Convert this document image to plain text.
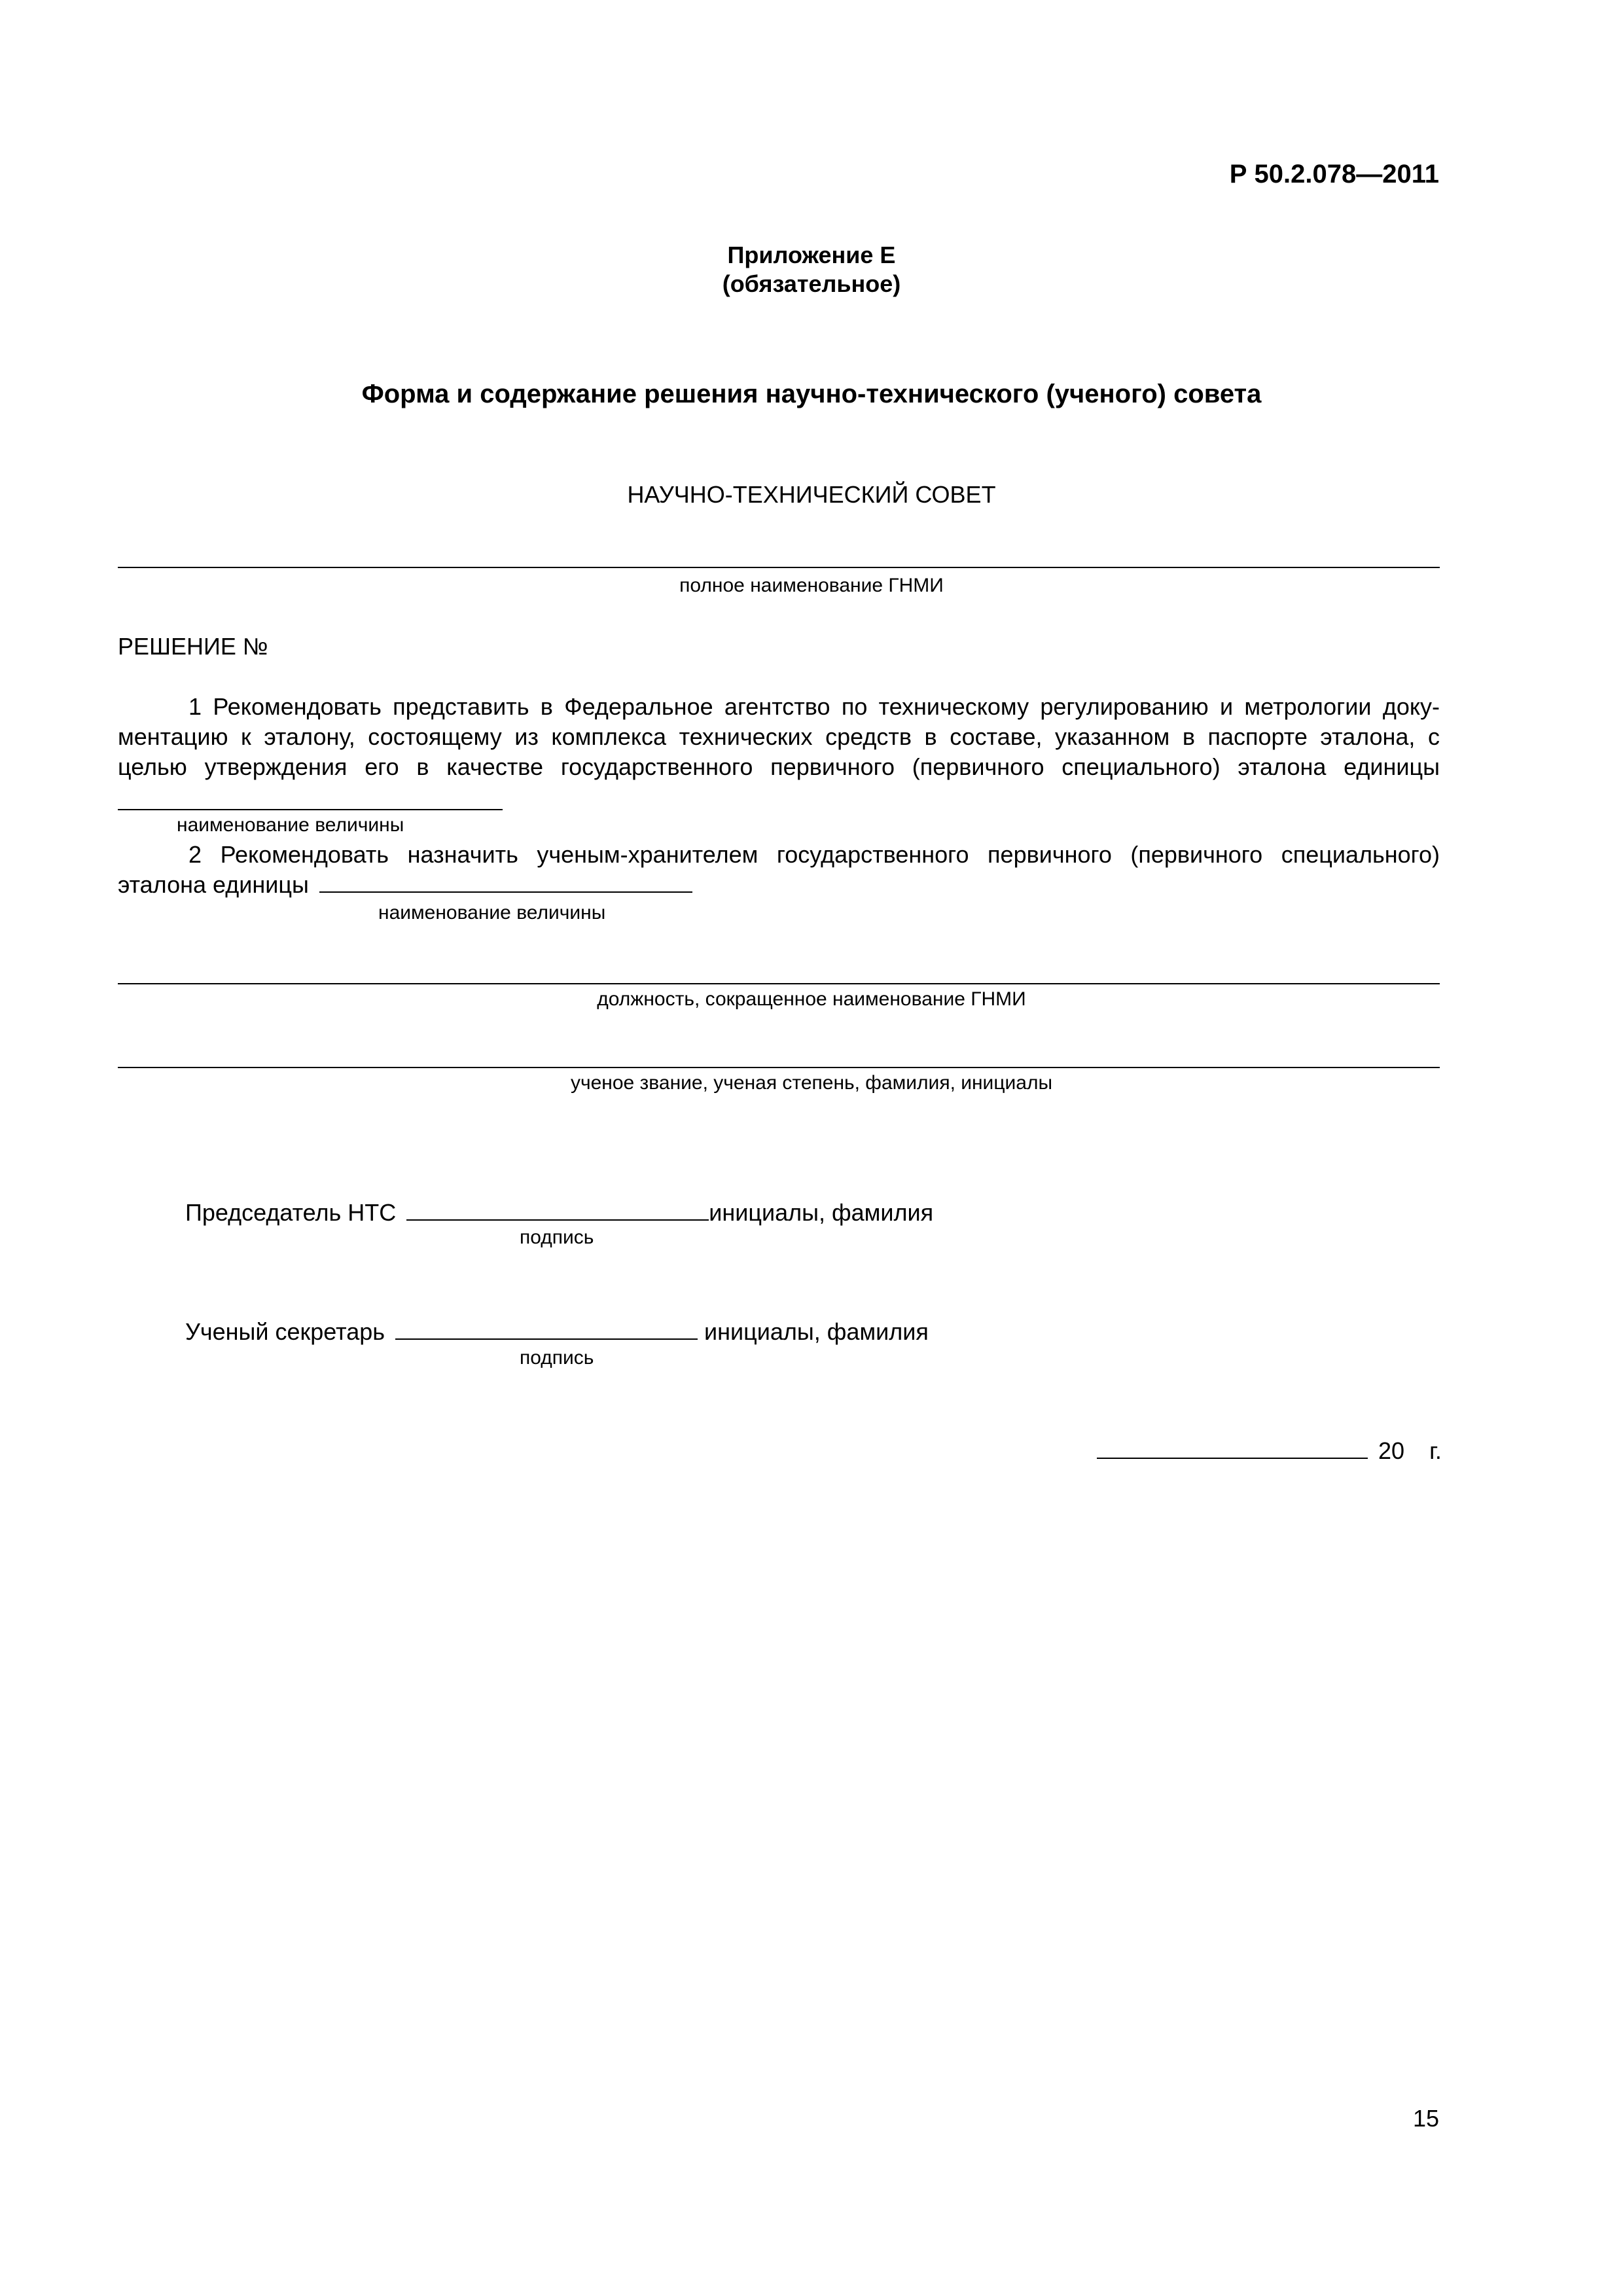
Р 50.2.078—2011
Приложение Е
(обязательное)
Форма и содержание решения научно-технического (ученого) совета
НАУЧНО-ТЕХНИЧЕСКИЙ СОВЕТ
полное наименование ГНМИ
РЕШЕНИЕ №
1 Рекомендовать представить в Федеральное агентство по техническому регулированию и метрологии доку-
ментацию к эталону, состоящему из комплекса технических средств в составе, указанном в паспорте эталона, с
целью утверждения его в качестве государственного первичного (первичного специального) эталона единицы
наименование величины
2 Рекомендовать назначить ученым-хранителем государственного первичного (первичного специального)
эталона единицы
наименование величины
должность, сокращенное наименование ГНМИ
ученое звание, ученая степень, фамилия, инициалы
Председатель НТС	инициалы, фамилия
подпись
Ученый секретарь	инициалы, фамилия
подпись
20 г.
15
